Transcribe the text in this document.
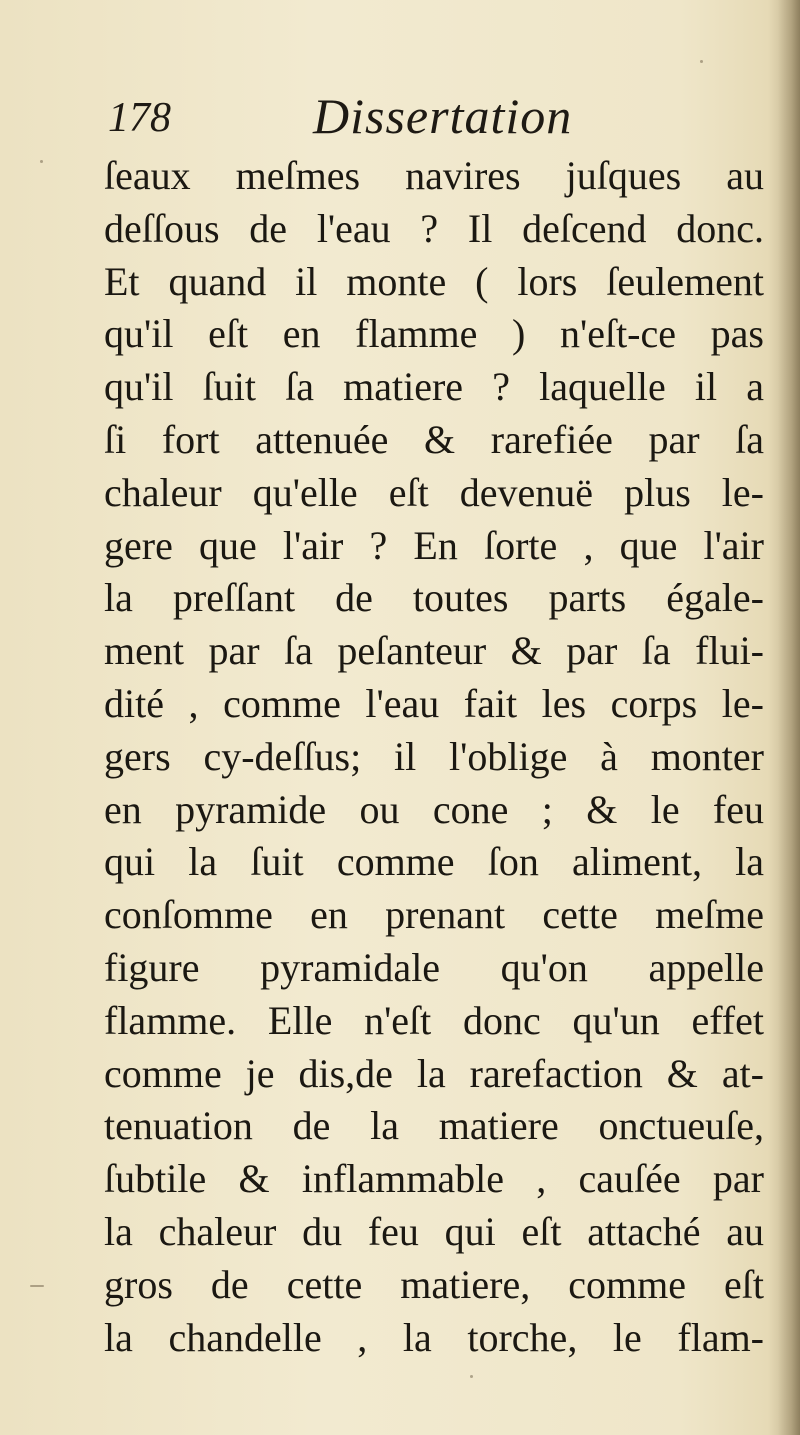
178	Dissertation
ſeaux meſmes navires juſques au
deſſous de l'eau ? Il deſcend donc.
Et quand il monte ( lors ſeulement
qu'il eſt en flamme ) n'eſt-ce pas
qu'il ſuit ſa matiere ? laquelle il a
ſi fort attenuée & rarefiée par ſa
chaleur qu'elle eſt devenuë plus le-
gere que l'air ? En ſorte , que l'air
la preſſant de toutes parts égale-
ment par ſa peſanteur & par ſa flui-
dité , comme l'eau fait les corps le-
gers cy-deſſus; il l'oblige à monter
en pyramide ou cone ; & le feu
qui la ſuit comme ſon aliment, la
conſomme en prenant cette meſme
figure pyramidale qu'on appelle
flamme. Elle n'eſt donc qu'un effet
comme je dis,de la rarefaction & at-
tenuation de la matiere onctueuſe,
ſubtile & inflammable , cauſée par
la chaleur du feu qui eſt attaché au
gros de cette matiere, comme eſt
la chandelle , la torche, le flam-
